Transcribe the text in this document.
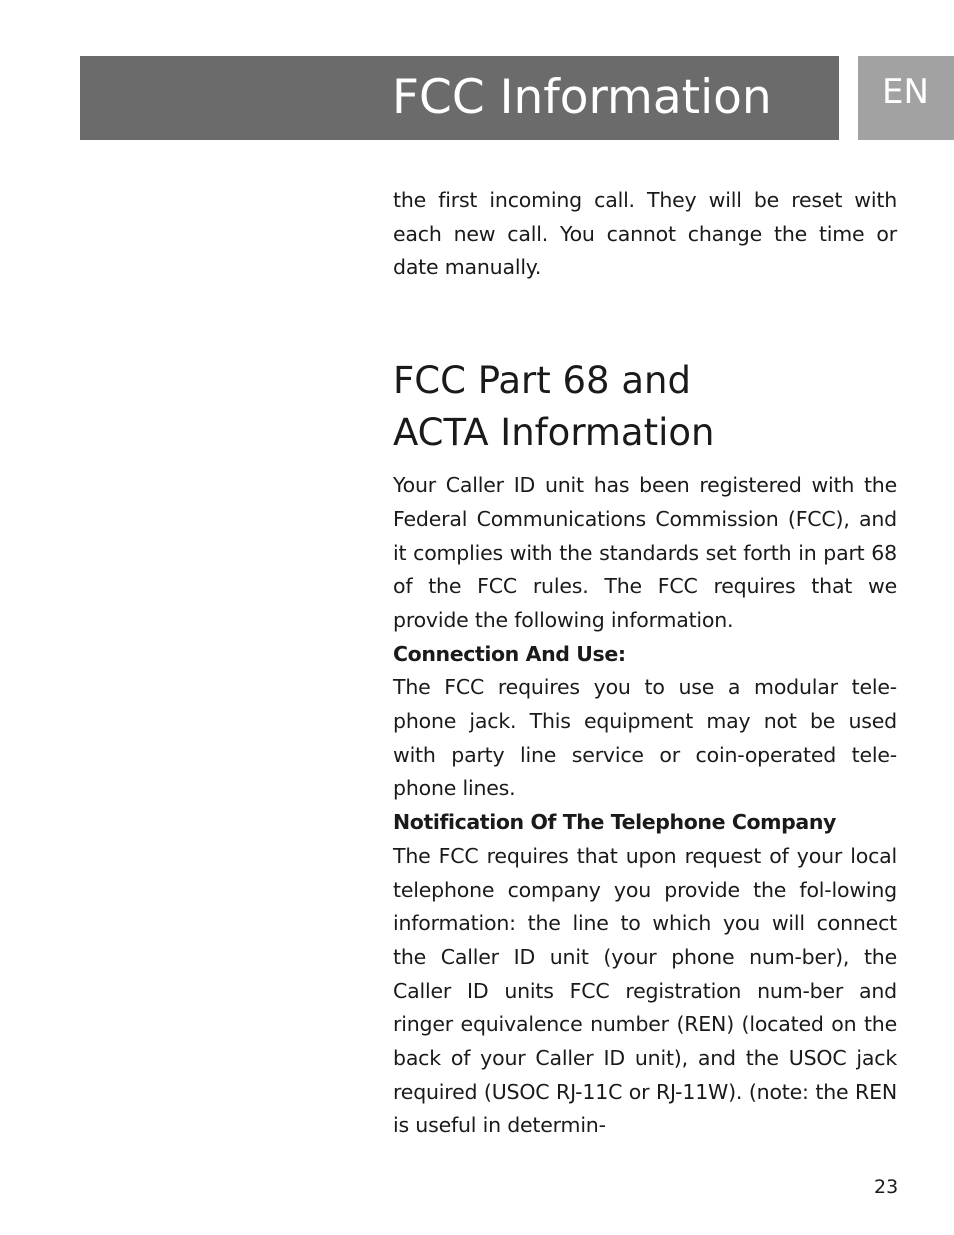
FCC Information	EN

the first incoming call. They will be reset with each new call. You cannot change the time or date manually.

FCC Part 68 and
ACTA Information

Your Caller ID unit has been registered with the Federal Communications Commission (FCC), and it complies with the standards set forth in part 68 of the FCC rules. The FCC requires that we provide the following information.

Connection And Use:

The FCC requires you to use a modular tele-phone jack. This equipment may not be used with party line service or coin-operated tele-phone lines.

Notification Of The Telephone Company

The FCC requires that upon request of your local telephone company you provide the fol-lowing information: the line to which you will connect the Caller ID unit (your phone num-ber), the Caller ID units FCC registration num-ber and ringer equivalence number (REN) (located on the back of your Caller ID unit), and the USOC jack required (USOC RJ-11C or RJ-11W). (note: the REN is useful in determin-

23
